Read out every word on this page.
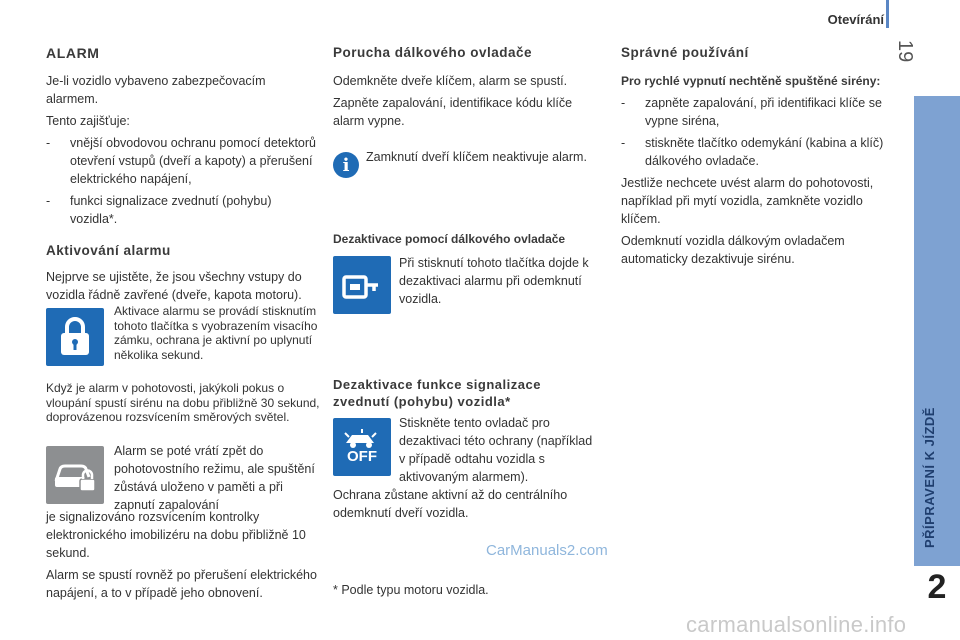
Otevírání
19
PŘÍPRAVENÍ K JÍZDĚ
2
ALARM

Je-li vozidlo vybaveno zabezpečovacím alarmem.

Tento zajišťuje:

- vnější obvodovou ochranu pomocí detektorů otevření vstupů (dveří a kapoty) a přerušení elektrického napájení,
- funkci signalizace zvednutí (pohybu) vozidla*.
Aktivování alarmu

Nejprve se ujistěte, že jsou všechny vstupy do vozidla řádně zavřené (dveře, kapota motoru).

Aktivace alarmu se provádí stisknutím tohoto tlačítka s vyobrazením visacího zámku, ochrana je aktivní po uplynutí několika sekund.
Když je alarm v pohotovosti, jakýkoli pokus o vloupání spustí sirénu na dobu přibližně 30 sekund, doprovázenou rozsvícením směrových světel.
Alarm se poté vrátí zpět do pohotovostního režimu, ale spuštění zůstává uloženo v paměti a při zapnutí zapalování

je signalizováno rozsvícením kontrolky elektronického imobilizéru na dobu přibližně 10 sekund.

Alarm se spustí rovněž po přerušení elektrického napájení, a to v případě jeho obnovení.

Porucha dálkového ovladače

Odemkněte dveře klíčem, alarm se spustí.

Zapněte zapalování, identifikace kódu klíče alarm vypne.

i	Zamknutí dveří klíčem neaktivuje alarm.
Dezaktivace pomocí dálkového ovladače
Při stisknutí tohoto tlačítka dojde k dezaktivaci alarmu při odemknutí vozidla.
Dezaktivace funkce signalizace zvednutí (pohybu) vozidla*
OFF
Stiskněte tento ovladač pro dezaktivaci této ochrany (například v případě odtahu vozidla s aktivovaným alarmem).
Ochrana zůstane aktivní až do centrálního odemknutí dveří vozidla.
* Podle typu motoru vozidla.
Správné používání
Pro rychlé vypnutí nechtěně spuštěné sirény:
- zapněte zapalování, při identifikaci klíče se vypne siréna,
- stiskněte tlačítko odemykání (kabina a klíč) dálkového ovladače.

Jestliže nechcete uvést alarm do pohotovosti, například při mytí vozidla, zamkněte vozidlo klíčem.

Odemknutí vozidla dálkovým ovladačem automaticky dezaktivuje sirénu.

CarManuals2.com
carmanualsonline.info
